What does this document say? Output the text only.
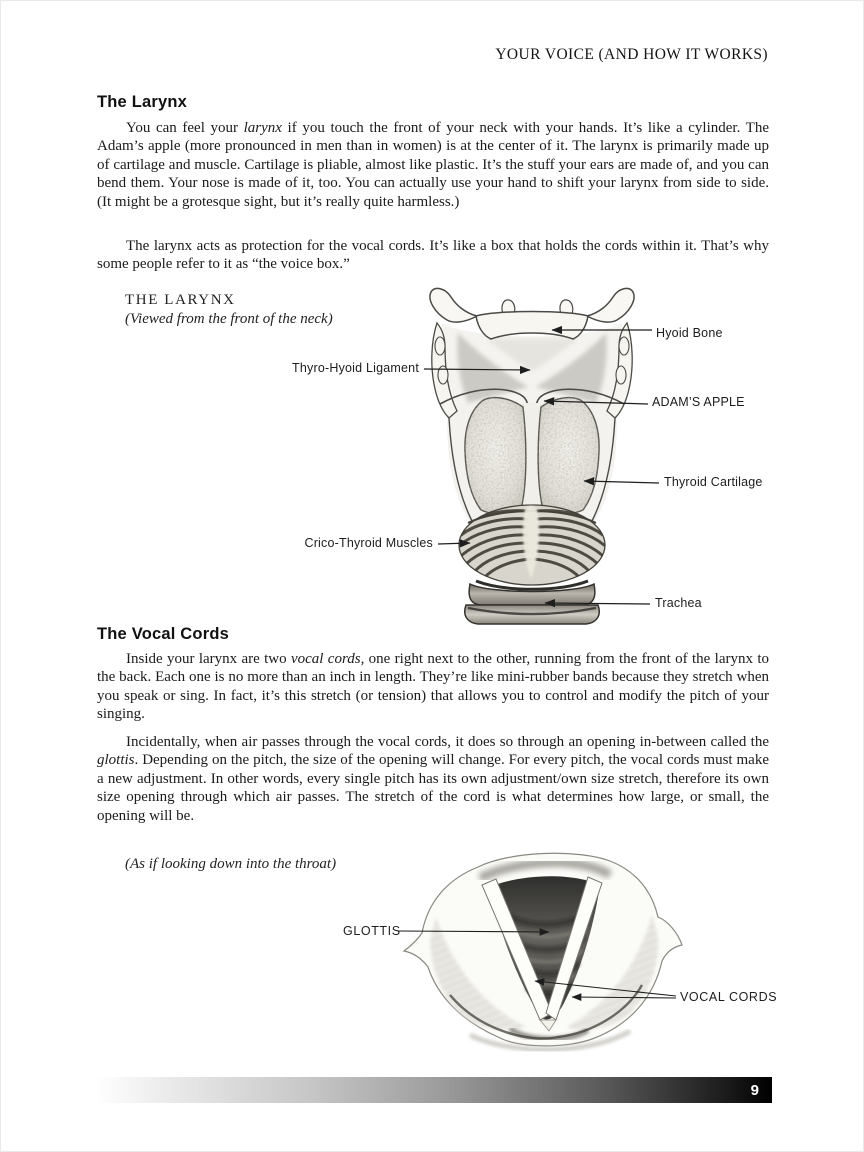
YOUR VOICE (AND HOW IT WORKS)
The Larynx
You can feel your larynx if you touch the front of your neck with your hands. It’s like a cylinder. The Adam’s apple (more pronounced in men than in women) is at the center of it. The larynx is primarily made up of cartilage and muscle. Cartilage is pliable, almost like plastic. It’s the stuff your ears are made of, and you can bend them. Your nose is made of it, too. You can actually use your hand to shift your larynx from side to side. (It might be a grotesque sight, but it’s really quite harmless.)
The larynx acts as protection for the vocal cords. It’s like a box that holds the cords within it. That’s why some people refer to it as “the voice box.”
THE LARYNX
(Viewed from the front of the neck)
Hyoid Bone
Thyro-Hyoid Ligament
ADAM’S APPLE
Thyroid Cartilage
Crico-Thyroid Muscles
Trachea
The Vocal Cords
Inside your larynx are two vocal cords, one right next to the other, running from the front of the larynx to the back. Each one is no more than an inch in length. They’re like mini-rubber bands because they stretch when you speak or sing. In fact, it’s this stretch (or tension) that allows you to control and modify the pitch of your singing.
Incidentally, when air passes through the vocal cords, it does so through an opening in-between called the glottis. Depending on the pitch, the size of the opening will change. For every pitch, the vocal cords must make a new adjustment. In other words, every single pitch has its own adjustment/own size stretch, therefore its own size opening through which air passes. The stretch of the cord is what determines how large, or small, the opening will be.
(As if looking down into the throat)
GLOTTIS
VOCAL CORDS
9
